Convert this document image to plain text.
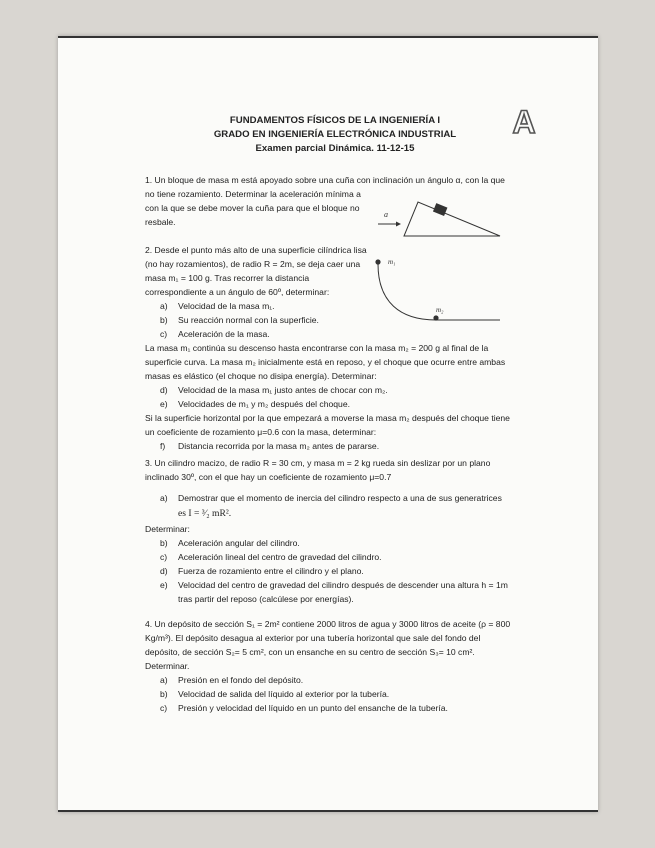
FUNDAMENTOS FÍSICOS DE LA INGENIERÍA I
GRADO EN INGENIERÍA ELECTRÓNICA INDUSTRIAL
Examen parcial Dinámica. 11-12-15
A
1. Un bloque de masa m está apoyado sobre una cuña con inclinación un ángulo α, con la que
no tiene rozamiento. Determinar la aceleración mínima a
con la que se debe mover la cuña para que el bloque no
resbale.
a
2. Desde el punto más alto de una superficie cilíndrica lisa
(no hay rozamientos), de radio R = 2m, se deja caer una
masa m₁ = 100 g. Tras recorrer la distancia
correspondiente a un ángulo de 60º, determinar:
a) Velocidad de la masa m₁.
b) Su reacción normal con la superficie.
c) Aceleración de la masa.
La masa m₁ continúa su descenso hasta encontrarse con la masa m₂ = 200 g al final de la
superficie curva. La masa m₂ inicialmente está en reposo, y el choque que ocurre entre ambas
masas es elástico (el choque no disipa energía). Determinar:
d) Velocidad de la masa m₁ justo antes de chocar con m₂.
e) Velocidades de m₁ y m₂ después del choque.
Si la superficie horizontal por la que empezará a moverse la masa m₂ después del choque tiene
un coeficiente de rozamiento μ=0.6 con la masa, determinar:
f) Distancia recorrida por la masa m₂ antes de pararse.
m₁
m₂
3. Un cilindro macizo, de radio R = 30 cm, y masa m = 2 kg rueda sin deslizar por un plano
inclinado 30º, con el que hay un coeficiente de rozamiento μ=0.7
a) Demostrar que el momento de inercia del cilindro respecto a una de sus generatrices
es I = ³⁄₂ mR².
Determinar:
b) Aceleración angular del cilindro.
c) Aceleración lineal del centro de gravedad del cilindro.
d) Fuerza de rozamiento entre el cilindro y el plano.
e) Velocidad del centro de gravedad del cilindro después de descender una altura h = 1m
tras partir del reposo (calcúlese por energías).
4. Un depósito de sección S₁ = 2m² contiene 2000 litros de agua y 3000 litros de aceite (ρ = 800
Kg/m³). El depósito desagua al exterior por una tubería horizontal que sale del fondo del
depósito, de sección S₂= 5 cm², con un ensanche en su centro de sección S₃= 10 cm².
Determinar.
a) Presión en el fondo del depósito.
b) Velocidad de salida del líquido al exterior por la tubería.
c) Presión y velocidad del líquido en un punto del ensanche de la tubería.
